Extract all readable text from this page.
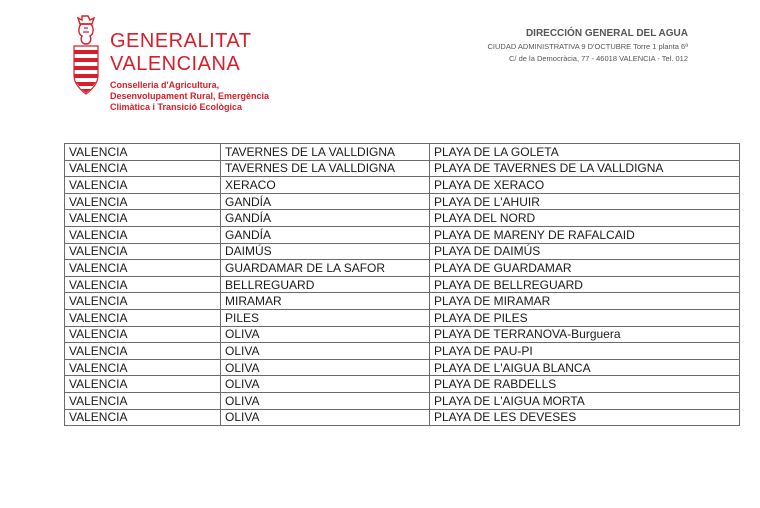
GENERALITAT
VALENCIANA
Conselleria d'Agricultura,
Desenvolupament Rural, Emergència
Climàtica i Transició Ecològica
DIRECCIÓN GENERAL DEL AGUA
CIUDAD ADMINISTRATIVA 9 D'OCTUBRE Torre 1 planta 6ª
C/ de la Democràcia, 77 - 46018 VALENCIA - Tel. 012
VALENCIA	TAVERNES DE LA VALLDIGNA	PLAYA DE LA GOLETA
VALENCIA	TAVERNES DE LA VALLDIGNA	PLAYA DE TAVERNES DE LA VALLDIGNA
VALENCIA	XERACO	PLAYA DE XERACO
VALENCIA	GANDÍA	PLAYA DE L'AHUIR
VALENCIA	GANDÍA	PLAYA DEL NORD
VALENCIA	GANDÍA	PLAYA DE MARENY DE RAFALCAID
VALENCIA	DAIMÚS	PLAYA DE DAIMÚS
VALENCIA	GUARDAMAR DE LA SAFOR	PLAYA DE GUARDAMAR
VALENCIA	BELLREGUARD	PLAYA DE BELLREGUARD
VALENCIA	MIRAMAR	PLAYA DE MIRAMAR
VALENCIA	PILES	PLAYA DE PILES
VALENCIA	OLIVA	PLAYA DE TERRANOVA-Burguera
VALENCIA	OLIVA	PLAYA DE PAU-PI
VALENCIA	OLIVA	PLAYA DE L'AIGUA BLANCA
VALENCIA	OLIVA	PLAYA DE RABDELLS
VALENCIA	OLIVA	PLAYA DE L'AIGUA MORTA
VALENCIA	OLIVA	PLAYA DE LES DEVESES
